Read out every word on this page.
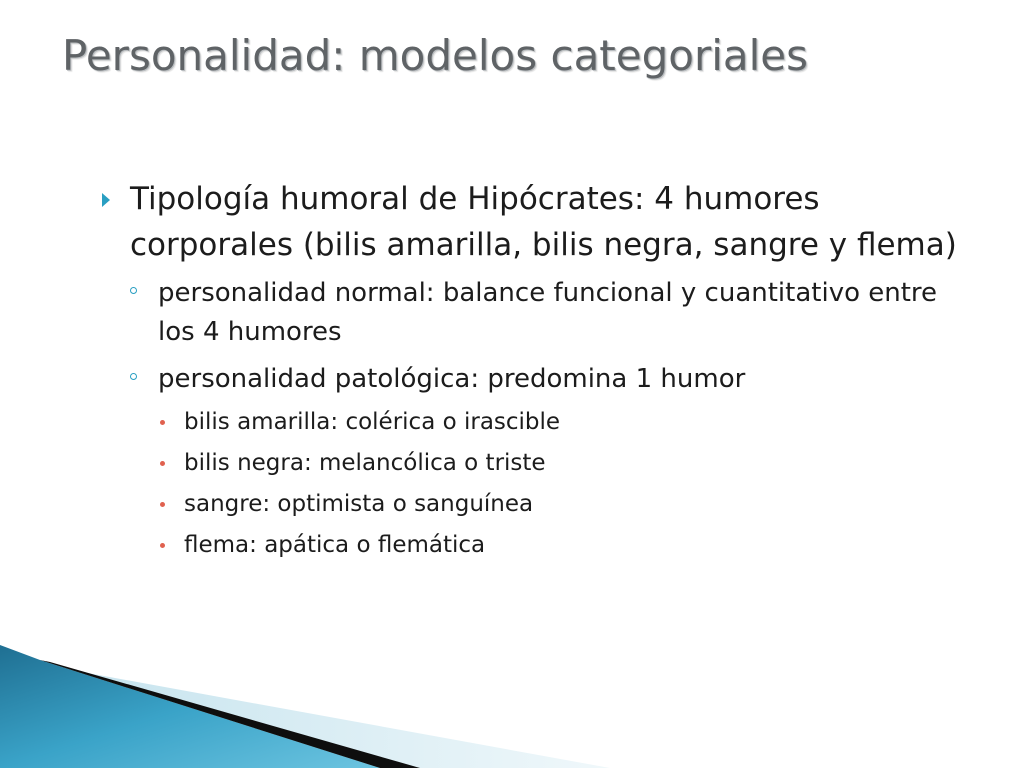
Personalidad: modelos categoriales

Tipología humoral de Hipócrates: 4 humores corporales (bilis amarilla, bilis negra, sangre y flema)

personalidad normal: balance funcional y cuantitativo entre los 4 humores

personalidad patológica: predomina 1 humor

bilis amarilla: colérica o irascible

bilis negra: melancólica o triste

sangre: optimista o sanguínea

flema: apática o flemática
